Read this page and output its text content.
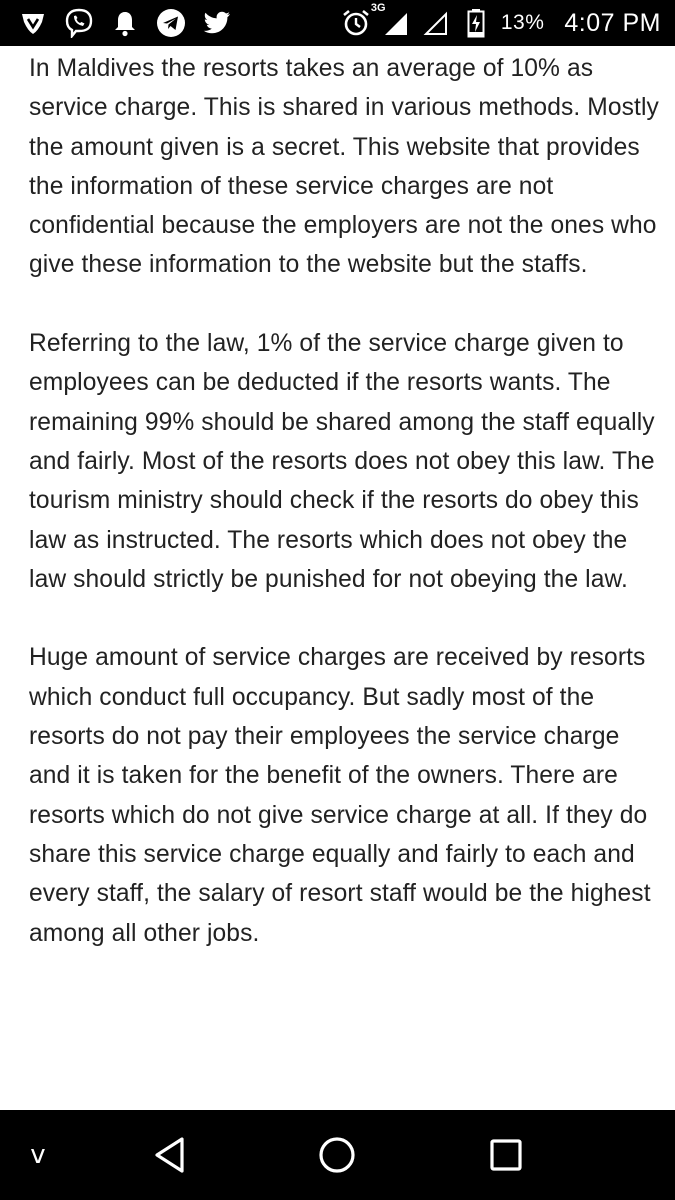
3G
13% 4:07 PM

In Maldives the resorts takes an average of 10% as service charge. This is shared in various methods. Mostly the amount given is a secret. This website that provides the information of these service charges are not confidential because the employers are not the ones who give these information to the website but the staffs.

Referring to the law, 1% of the service charge given to employees can be deducted if the resorts wants. The remaining 99% should be shared among the staff equally and fairly. Most of the resorts does not obey this law. The tourism ministry should check if the resorts do obey this law as instructed. The resorts which does not obey the law should strictly be punished for not obeying the law.

Huge amount of service charges are received by resorts which conduct full occupancy. But sadly most of the resorts do not pay their employees the service charge and it is taken for the benefit of the owners. There are resorts which do not give service charge at all. If they do share this service charge equally and fairly to each and every staff, the salary of resort staff would be the highest among all other jobs.

v
